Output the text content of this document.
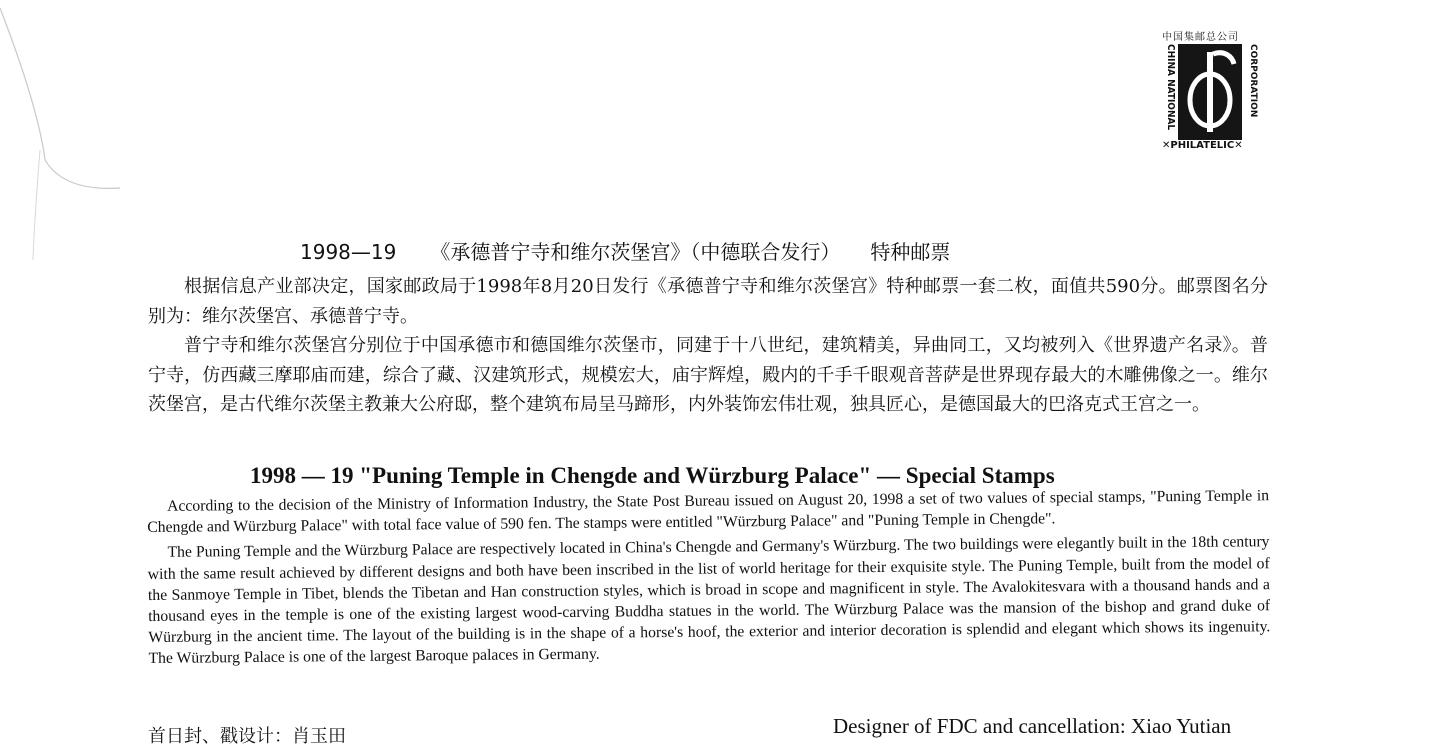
中国集邮总公司
CHINA NATIONAL	CORPORATION
✕PHILATELIC✕
1998—19 《承德普宁寺和维尔茨堡宫》（中德联合发行） 特种邮票

根据信息产业部决定，国家邮政局于1998年8月20日发行《承德普宁寺和维尔茨堡宫》特种邮票一套二枚，面值共590分。邮票图名分别为：维尔茨堡宫、承德普宁寺。

普宁寺和维尔茨堡宫分别位于中国承德市和德国维尔茨堡市，同建于十八世纪，建筑精美，异曲同工，又均被列入《世界遗产名录》。普宁寺，仿西藏三摩耶庙而建，综合了藏、汉建筑形式，规模宏大，庙宇辉煌，殿内的千手千眼观音菩萨是世界现存最大的木雕佛像之一。维尔茨堡宫，是古代维尔茨堡主教兼大公府邸，整个建筑布局呈马蹄形，内外装饰宏伟壮观，独具匠心，是德国最大的巴洛克式王宫之一。

1998 — 19 "Puning Temple in Chengde and Würzburg Palace" — Special Stamps

According to the decision of the Ministry of Information Industry, the State Post Bureau issued on August 20, 1998 a set of two values of special stamps, "Puning Temple in Chengde and Würzburg Palace" with total face value of 590 fen. The stamps were entitled "Würzburg Palace" and "Puning Temple in Chengde".

The Puning Temple and the Würzburg Palace are respectively located in China's Chengde and Germany's Würzburg. The two buildings were elegantly built in the 18th century with the same result achieved by different designs and both have been inscribed in the list of world heritage for their exquisite style. The Puning Temple, built from the model of the Sanmoye Temple in Tibet, blends the Tibetan and Han construction styles, which is broad in scope and magnificent in style. The Avalokitesvara with a thousand hands and a thousand eyes in the temple is one of the existing largest wood-carving Buddha statues in the world. The Würzburg Palace was the mansion of the bishop and grand duke of Würzburg in the ancient time. The layout of the building is in the shape of a horse's hoof, the exterior and interior decoration is splendid and elegant which shows its ingenuity. The Würzburg Palace is one of the largest Baroque palaces in Germany.

首日封、戳设计：肖玉田	Designer of FDC and cancellation: Xiao Yutian
